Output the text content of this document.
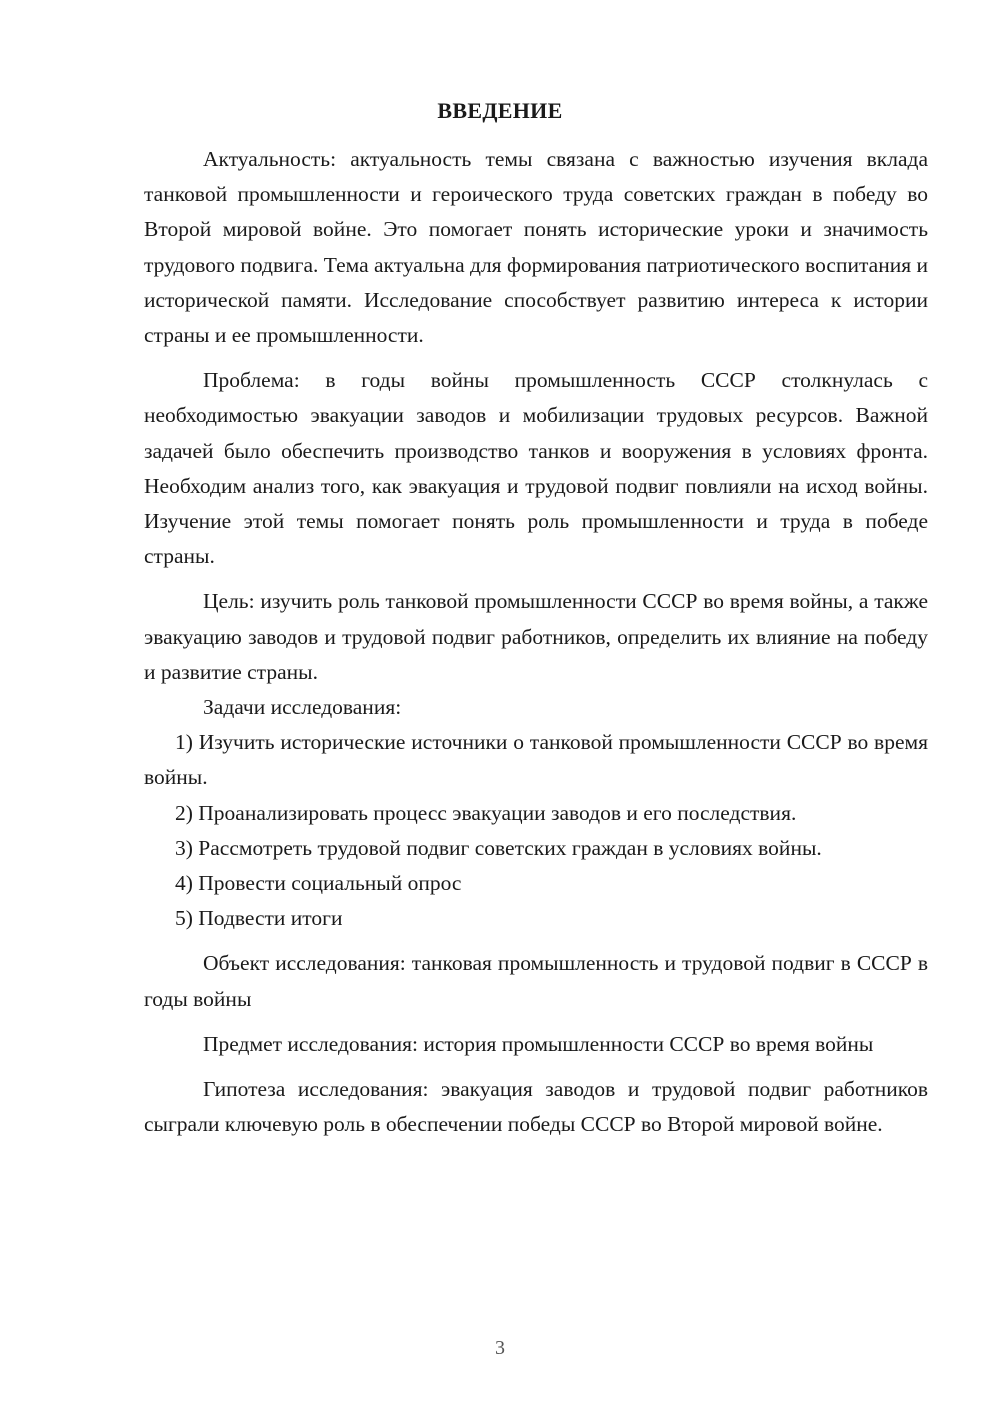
ВВЕДЕНИЕ

Актуальность: актуальность темы связана с важностью изучения вклада танковой промышленности и героического труда советских граждан в победу во Второй мировой войне. Это помогает понять исторические уроки и значимость трудового подвига. Тема актуальна для формирования патриотического воспитания и исторической памяти. Исследование способствует развитию интереса к истории страны и ее промышленности.

Проблема: в годы войны промышленность СССР столкнулась с необходимостью эвакуации заводов и мобилизации трудовых ресурсов. Важной задачей было обеспечить производство танков и вооружения в условиях фронта. Необходим анализ того, как эвакуация и трудовой подвиг повлияли на исход войны. Изучение этой темы помогает понять роль промышленности и труда в победе страны.

Цель: изучить роль танковой промышленности СССР во время войны, а также эвакуацию заводов и трудовой подвиг работников, определить их влияние на победу и развитие страны.

Задачи исследования:

1) Изучить исторические источники о танковой промышленности СССР во время войны.

2) Проанализировать процесс эвакуации заводов и его последствия.

3) Рассмотреть трудовой подвиг советских граждан в условиях войны.

4) Провести социальный опрос

5) Подвести итоги

Объект исследования: танковая промышленность и трудовой подвиг в СССР в годы войны

Предмет исследования: история промышленности СССР во время войны

Гипотеза исследования: эвакуация заводов и трудовой подвиг работников сыграли ключевую роль в обеспечении победы СССР во Второй мировой войне.

3
